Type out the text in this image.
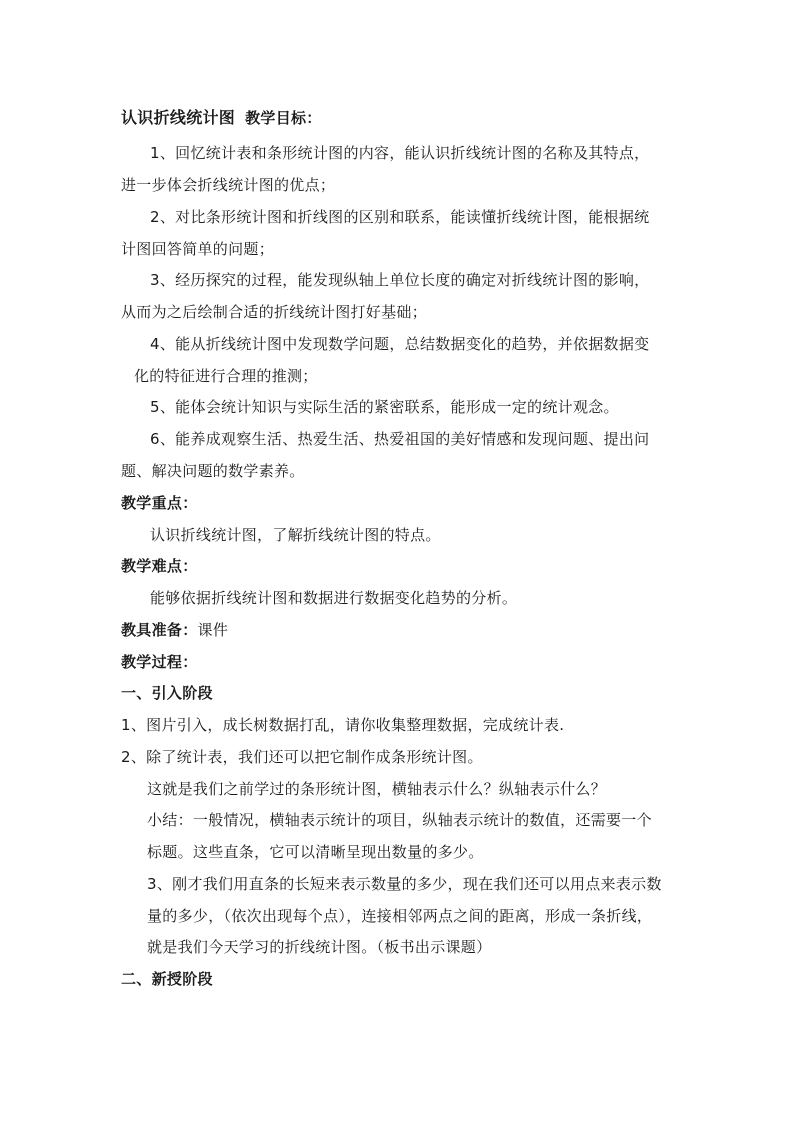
认识折线统计图 教学目标：
1、回忆统计表和条形统计图的内容，能认识折线统计图的名称及其特点，
进一步体会折线统计图的优点；
2、对比条形统计图和折线图的区别和联系，能读懂折线统计图，能根据统
计图回答简单的问题；
3、经历探究的过程，能发现纵轴上单位长度的确定对折线统计图的影响，
从而为之后绘制合适的折线统计图打好基础；
4、能从折线统计图中发现数学问题，总结数据变化的趋势，并依据数据变
化的特征进行合理的推测；
5、能体会统计知识与实际生活的紧密联系，能形成一定的统计观念。
6、能养成观察生活、热爱生活、热爱祖国的美好情感和发现问题、提出问
题、解决问题的数学素养。
教学重点：
认识折线统计图，了解折线统计图的特点。
教学难点：
能够依据折线统计图和数据进行数据变化趋势的分析。
教具准备：课件
教学过程：
一、引入阶段
1、图片引入，成长树数据打乱，请你收集整理数据，完成统计表.
2、除了统计表，我们还可以把它制作成条形统计图。
这就是我们之前学过的条形统计图，横轴表示什么？纵轴表示什么？
小结：一般情况，横轴表示统计的项目，纵轴表示统计的数值，还需要一个
标题。这些直条，它可以清晰呈现出数量的多少。
3、刚才我们用直条的长短来表示数量的多少，现在我们还可以用点来表示数
量的多少，（依次出现每个点），连接相邻两点之间的距离，形成一条折线，
就是我们今天学习的折线统计图。（板书出示课题）
二、新授阶段
